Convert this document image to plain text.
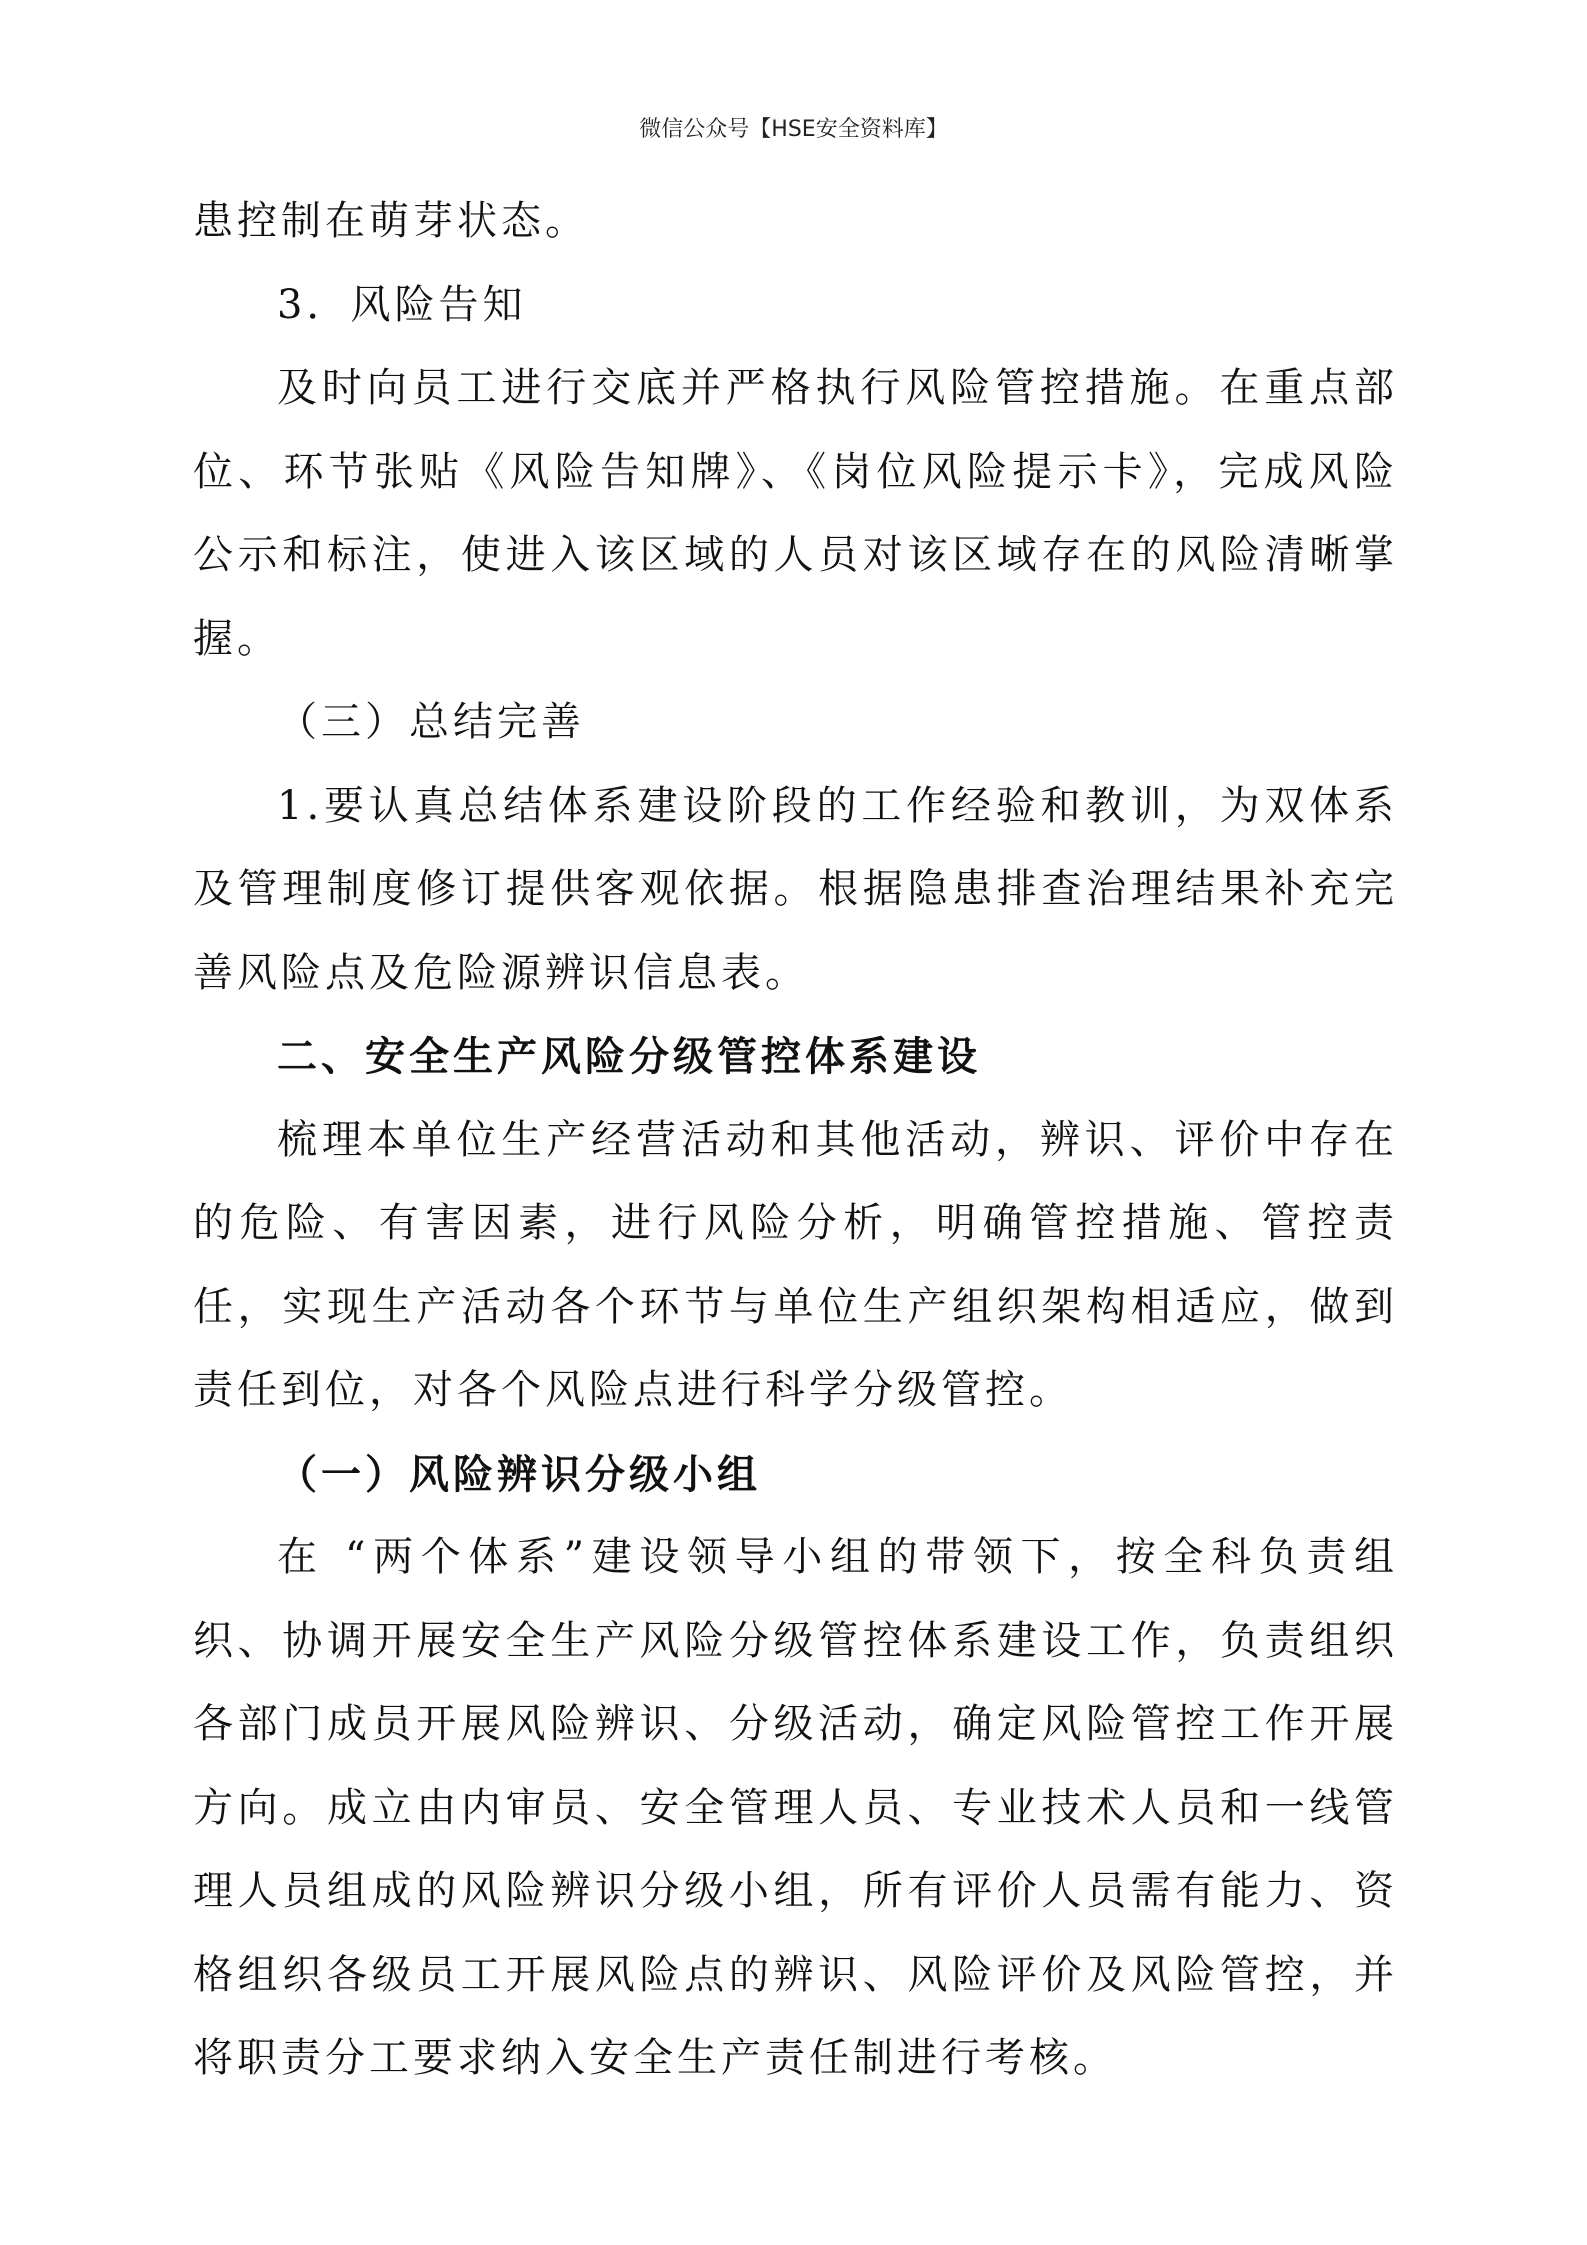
微信公众号【HSE安全资料库】

患控制在萌芽状态。

3．风险告知

及时向员工进行交底并严格执行风险管控措施。在重点部位、环节张贴《风险告知牌》、《岗位风险提示卡》，完成风险公示和标注，使进入该区域的人员对该区域存在的风险清晰掌握。

（三）总结完善

1.要认真总结体系建设阶段的工作经验和教训，为双体系及管理制度修订提供客观依据。根据隐患排查治理结果补充完善风险点及危险源辨识信息表。

二、安全生产风险分级管控体系建设

梳理本单位生产经营活动和其他活动，辨识、评价中存在的危险、有害因素，进行风险分析，明确管控措施、管控责任，实现生产活动各个环节与单位生产组织架构相适应，做到责任到位，对各个风险点进行科学分级管控。

（一）风险辨识分级小组

在 “两个体系”建设领导小组的带领下，按全科负责组织、协调开展安全生产风险分级管控体系建设工作，负责组织各部门成员开展风险辨识、分级活动，确定风险管控工作开展方向。成立由内审员、安全管理人员、专业技术人员和一线管理人员组成的风险辨识分级小组，所有评价人员需有能力、资格组织各级员工开展风险点的辨识、风险评价及风险管控，并将职责分工要求纳入安全生产责任制进行考核。
